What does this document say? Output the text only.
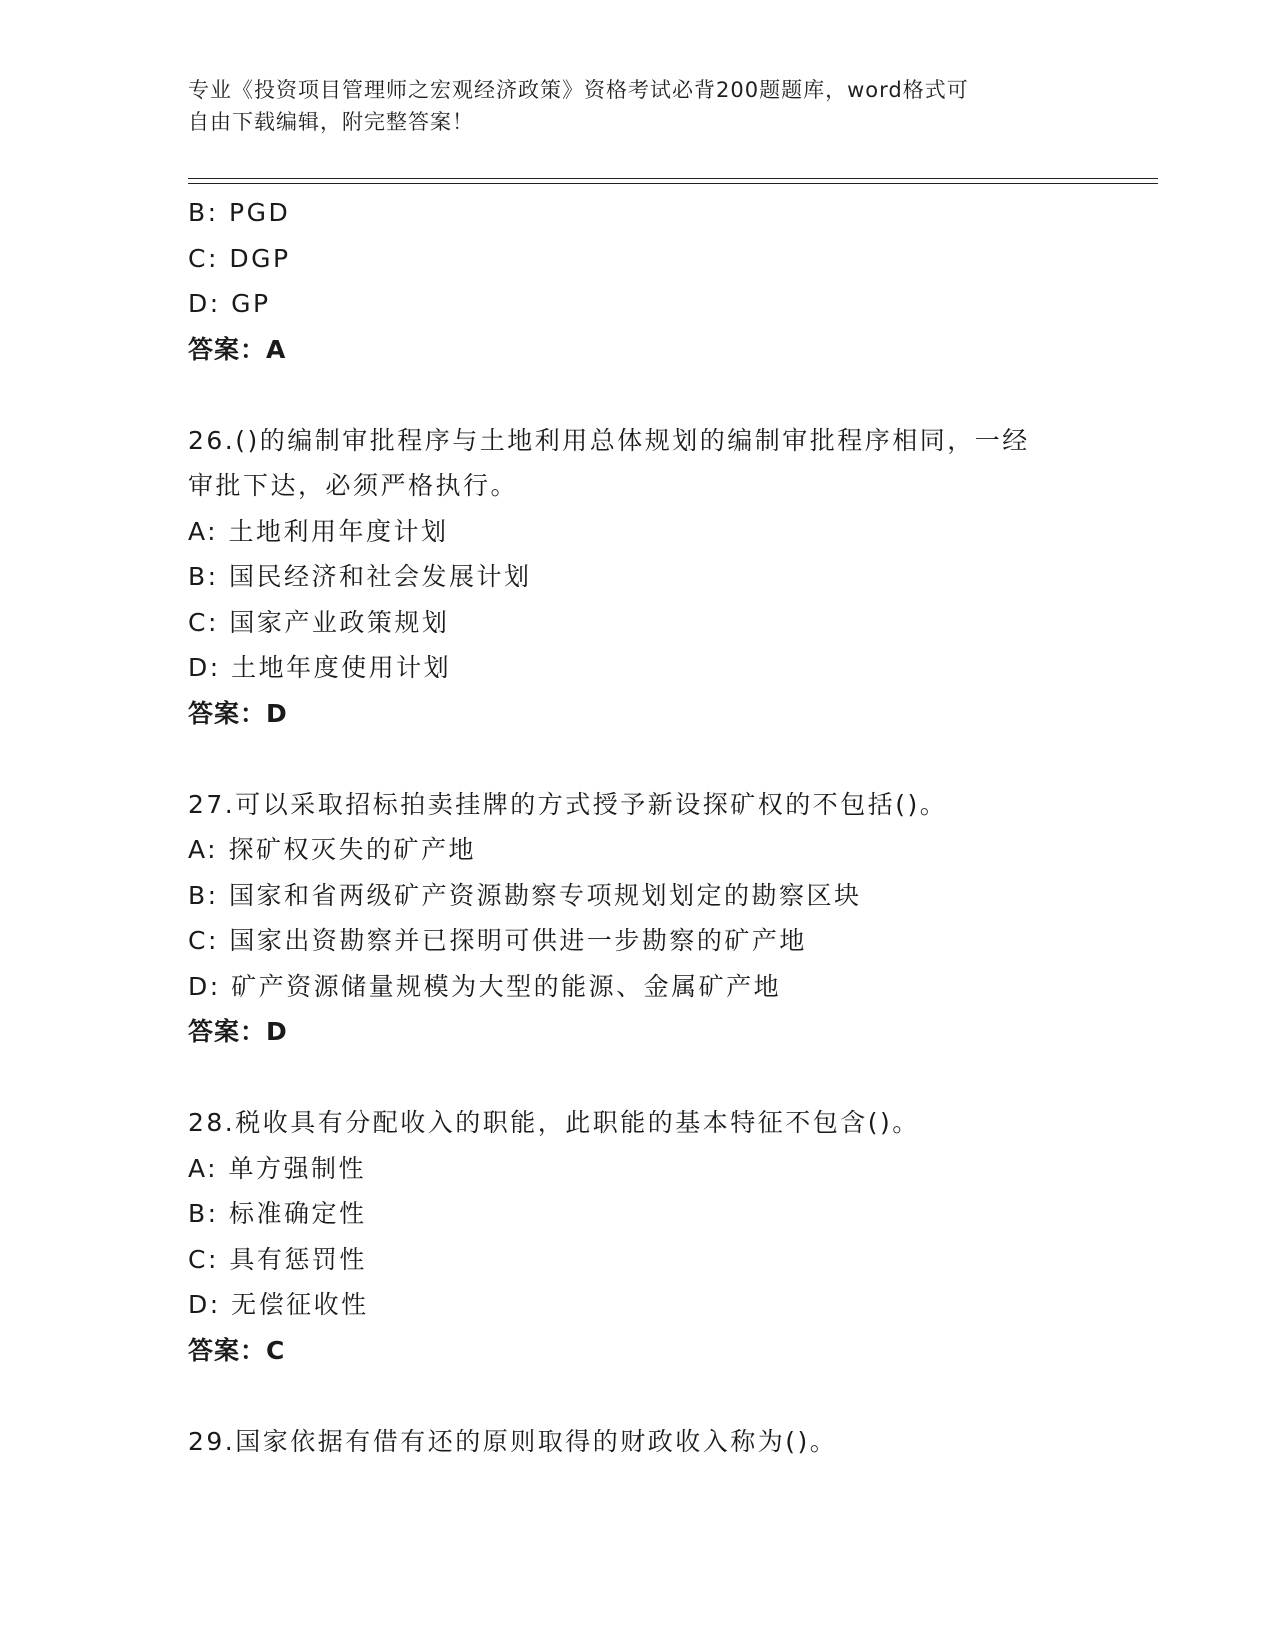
专业《投资项目管理师之宏观经济政策》资格考试必背200题题库，word格式可
自由下载编辑，附完整答案！
B: PGD
C: DGP
D: GP
答案：A
26.()的编制审批程序与土地利用总体规划的编制审批程序相同，一经
审批下达，必须严格执行。
A: 土地利用年度计划
B: 国民经济和社会发展计划
C: 国家产业政策规划
D: 土地年度使用计划
答案：D
27.可以采取招标拍卖挂牌的方式授予新设探矿权的不包括()。
A: 探矿权灭失的矿产地
B: 国家和省两级矿产资源勘察专项规划划定的勘察区块
C: 国家出资勘察并已探明可供进一步勘察的矿产地
D: 矿产资源储量规模为大型的能源、金属矿产地
答案：D
28.税收具有分配收入的职能，此职能的基本特征不包含()。
A: 单方强制性
B: 标准确定性
C: 具有惩罚性
D: 无偿征收性
答案：C
29.国家依据有借有还的原则取得的财政收入称为()。
